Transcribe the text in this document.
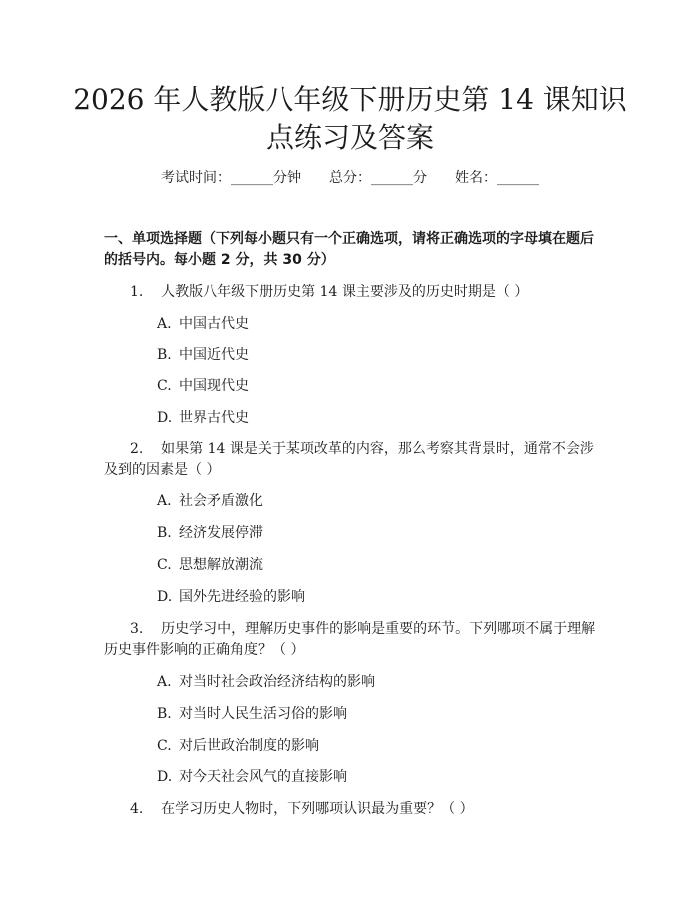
2026 年人教版八年级下册历史第 14 课知识
点练习及答案
考试时间：______分钟 总分：______分 姓名：______

一、单项选择题（下列每小题只有一个正确选项，请将正确选项的字母填在题后的括号内。每小题 2 分，共 30 分）

1. 人教版八年级下册历史第 14 课主要涉及的历史时期是（ ）

A. 中国古代史
B. 中国近代史
C. 中国现代史
D. 世界古代史

2. 如果第 14 课是关于某项改革的内容，那么考察其背景时，通常不会涉及到的因素是（ ）

A. 社会矛盾激化
B. 经济发展停滞
C. 思想解放潮流
D. 国外先进经验的影响

3. 历史学习中，理解历史事件的影响是重要的环节。下列哪项不属于理解历史事件影响的正确角度？（ ）

A. 对当时社会政治经济结构的影响
B. 对当时人民生活习俗的影响
C. 对后世政治制度的影响
D. 对今天社会风气的直接影响

4. 在学习历史人物时，下列哪项认识最为重要？（ ）
